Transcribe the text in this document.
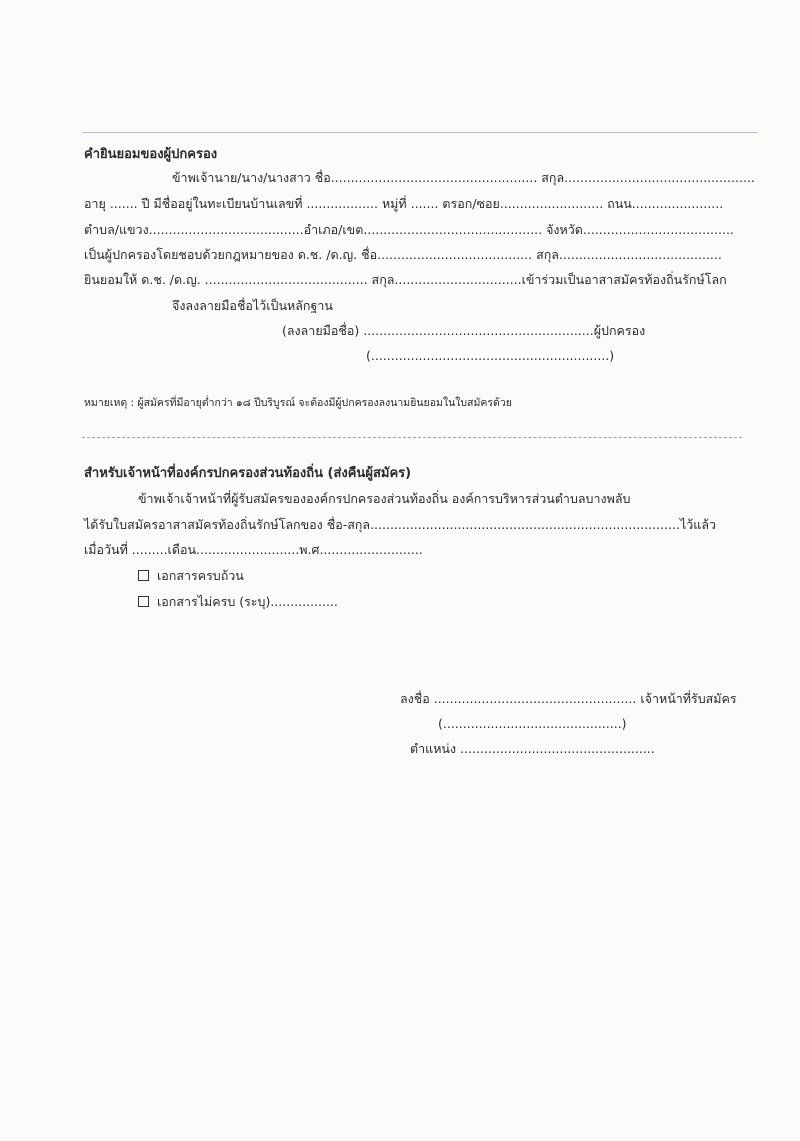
คำยินยอมของผู้ปกครอง
ข้าพเจ้านาย/นาง/นางสาว ชื่อ.................................................... สกุล................................................
อายุ ....... ปี มีชื่ออยู่ในทะเบียนบ้านเลขที่ .................. หมู่ที่ ....... ตรอก/ซอย.......................... ถนน.......................
ตำบล/แขวง.......................................อำเภอ/เขต............................................. จังหวัด......................................
เป็นผู้ปกครองโดยชอบด้วยกฎหมายของ ด.ช. /ด.ญ. ชื่อ....................................... สกุล.........................................
ยินยอมให้ ด.ช. /ด.ญ. ......................................... สกุล................................เข้าร่วมเป็นอาสาสมัครท้องถิ่นรักษ์โลก
จึงลงลายมือชื่อไว้เป็นหลักฐาน
(ลงลายมือชื่อ) ..........................................................ผู้ปกครอง
(............................................................)
หมายเหตุ : ผู้สมัครที่มีอายุต่ำกว่า ๑๘ ปีบริบูรณ์ จะต้องมีผู้ปกครองลงนามยินยอมในใบสมัครด้วย
สำหรับเจ้าหน้าที่องค์กรปกครองส่วนท้องถิ่น (ส่งคืนผู้สมัคร)
ข้าพเจ้าเจ้าหน้าที่ผู้รับสมัครขององค์กรปกครองส่วนท้องถิ่น องค์การบริหารส่วนตำบลบางพลับ
ได้รับใบสมัครอาสาสมัครท้องถิ่นรักษ์โลกของ ชื่อ-สกุล..............................................................................ไว้แล้ว
เมื่อวันที่ .........เดือน..........................พ.ศ..........................
เอกสารครบถ้วน
เอกสารไม่ครบ (ระบุ).................
ลงชื่อ ................................................... เจ้าหน้าที่รับสมัคร
(.............................................)
ตำแหน่ง .................................................
